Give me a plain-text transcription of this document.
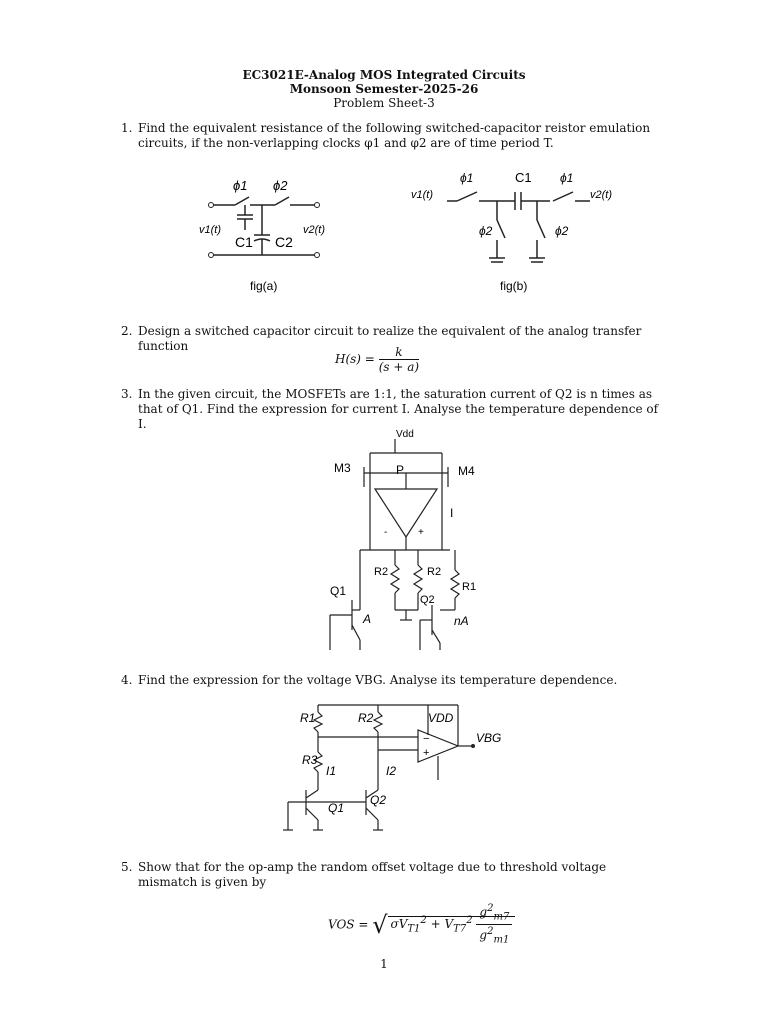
EC3021E-Analog MOS Integrated Circuits
Monsoon Semester-2025-26
Problem Sheet-3
1. Find the equivalent resistance of the following switched-capacitor reistor emulation circuits, if the non-verlapping clocks φ1 and φ2 are of time period T.
ϕ1 ϕ2
C1 C2
v1(t)	v2(t)
fig(a)
v1(t)	v2(t)
C1
ϕ1	ϕ1
ϕ2	ϕ2
fig(b)
2. Design a switched capacitor circuit to realize the equivalent of the analog transfer function
$H(s) = \frac{k}{(s + a)}$
3. In the given circuit, the MOSFETs are 1:1, the saturation current of Q2 is n times as that of Q1. Find the expression for current I. Analyse the temperature dependence of I.
Vdd
M3	M4
P
I
R2	R2
R1
Q1
Q2
A	nA
-	+
4. Find the expression for the voltage VBG. Analyse its temperature dependence.
R1	R2
R3
VDD
VBG
I1	I2
Q1
Q2
−
+
5. Show that for the op-amp the random offset voltage due to threshold voltage mismatch is given by
VOS = √ $\sigma V_{T1}^2 + V_{T7}^2 \frac{g^2_{m7}}{g^2_{m1}}$
1
